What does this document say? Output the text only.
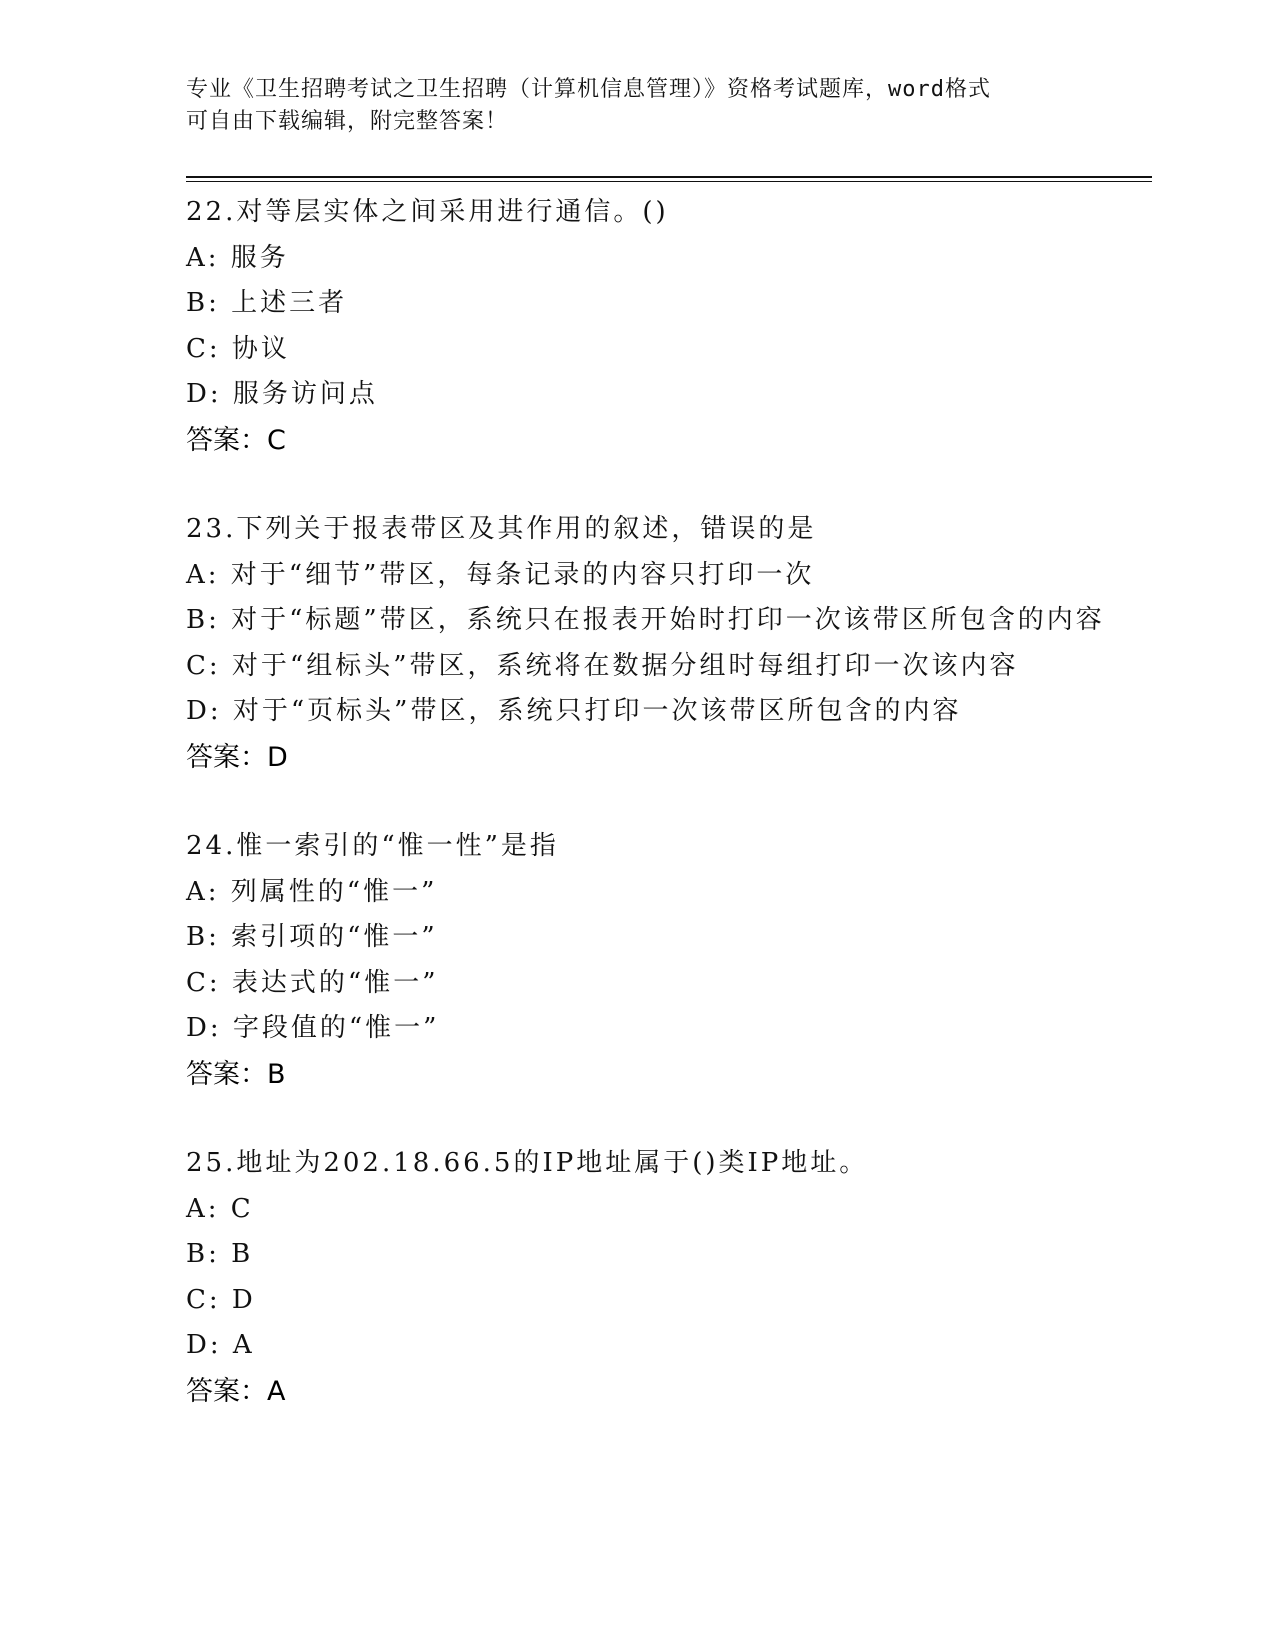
专业《卫生招聘考试之卫生招聘（计算机信息管理）》资格考试题库，word格式
可自由下载编辑，附完整答案！
22.对等层实体之间采用进行通信。()
A: 服务
B: 上述三者
C: 协议
D: 服务访问点
答案：C
23.下列关于报表带区及其作用的叙述，错误的是
A: 对于“细节”带区，每条记录的内容只打印一次
B: 对于“标题”带区，系统只在报表开始时打印一次该带区所包含的内容
C: 对于“组标头”带区，系统将在数据分组时每组打印一次该内容
D: 对于“页标头”带区，系统只打印一次该带区所包含的内容
答案：D
24.惟一索引的“惟一性”是指
A: 列属性的“惟一”
B: 索引项的“惟一”
C: 表达式的“惟一”
D: 字段值的“惟一”
答案：B
25.地址为202.18.66.5的IP地址属于()类IP地址。
A: C
B: B
C: D
D: A
答案：A
